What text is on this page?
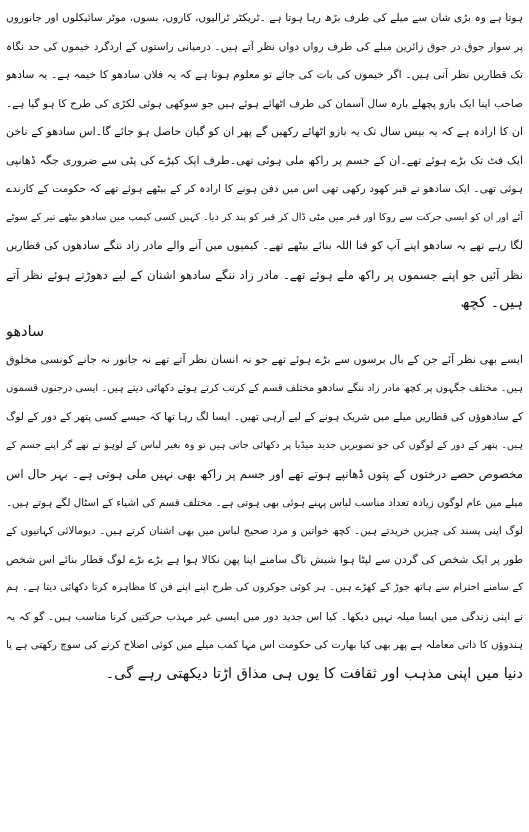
ہوتا ہے وہ بڑی شان سے میلے کی طرف بڑھ رہا ہوتا ہے ۔ٹریکٹر ٹرالیوں، کاروں، بسوں، موٹر سائیکلوں اور جانوروں
پر سوار جوق در جوق زائرین میلے کی طرف رواں دواں نظر آتے ہیں۔ درمیانی راستوں کے اردگرد خیموں کی حد نگاہ
تک قطاریں نظر آتی ہیں۔ اگر خیموں کی بات کی جائے تو معلوم ہوتا ہے کہ یہ فلاں سادھو کا خیمہ ہے۔ یہ سادھو
صاحب اپنا ایک بازو پچھلے بارہ سال آسمان کی طرف اٹھائے ہوئے ہیں جو سوکھی ہوئی لکڑی کی طرح کا ہو گیا ہے۔
ان کا ارادہ ہے کہ یہ بیس سال تک یہ بازو اٹھائے رکھیں گے پھر ان کو گیان حاصل ہو جائے گا۔اس سادھو کے ناخن
ایک فٹ تک بڑے ہوئے تھے۔ان کے جسم پر راکھ ملی ہوئی تھی۔طرف ایک کپڑے کی پٹی سے ضروری جگہ ڈھانپی
ہوئی تھی۔ ایک سادھو نے قبر کھود رکھی تھی اس میں دفن ہونے کا ارادہ کر کے بیٹھے ہوئے تھے کہ حکومت کے کارندے
آئے اور ان کو ایسی حرکت سے روکا اور قبر میں مٹی ڈال کر قبر کو بند کر دیا۔ کہیں کسی کیمپ میں سادھو بیٹھے تیر کے سوٹے
لگا رہے تھے یہ سادھو اپنے آپ کو فنا اللہ بنائے بیٹھے تھے۔ کیمپوں میں آنے والے مادر زاد ننگے سادھوں کی قطاریں
نظر آئیں جو اپنے جسموں پر راکھ ملے ہوئے تھے۔ مادر زاد ننگے سادھو اشنان کے لیے دھوڑتے ہوئے نظر آتے
ہیں۔ کچھ
سادھو
ایسے بھی نظر آئے جن کے بال برسوں سے بڑے ہوئے تھے جو نہ انسان نظر آتے تھے نہ جانور نہ جانے کونسی مخلوق
ہیں۔ مختلف جگہوں پر کچھ مادر زاد ننگے سادھو مختلف قسم کے کرتب کرتے ہوئے دکھائی دیتے ہیں۔ ایسی درجنوں قسموں
کے سادھوؤں کی قطاریں میلے میں شریک ہونے کے لیے آرہی تھیں۔ ایسا لگ رہا تھا کہ جیسے کسی پتھر کے دور کے لوگ
ہیں۔ پتھر کے دور کے لوگوں کی جو تصویریں جدید میڈیا پر دکھائی جاتی ہیں تو وہ بغیر لباس کے لوہو تے تھے گر اپنے جسم کے
مخصوص حصے درختوں کے پتوں ڈھانپے ہوتے تھے اور جسم پر راکھ بھی نہیں ملی ہوتی ہے۔ بہر حال اس
میلے میں عام لوگوں زیادہ تعداد مناسب لباس پہنے ہوئی بھی ہوتی ہے۔ مختلف قسم کی اشیاء کے اسٹال لگے ہوتے ہیں۔
لوگ اپنی پسند کی چیزیں خریدتے ہیں۔ کچھ خواتین و مرد صحیح لباس میں بھی اشنان کرتے ہیں۔ دیومالائی کہانیوں کے
طور پر ایک شخص کی گردن سے لپٹا ہوا شیش ناگ سامنے اپنا پھن نکالا ہوا ہے بڑے بڑے لوگ قطار بنائے اس شخص
کے سامنے احترام سے ہاتھ جوڑ کے کھڑے ہیں۔ ہر کوئی جوکروں کی طرح اپنے اپنے فن کا مظاہرہ کرتا دکھائی دیتا ہے۔ ہم
نے اپنی زندگی میں ایسا میلہ نہیں دیکھا۔ کیا اس جدید دور میں ایسی غیر مہذب حرکتیں کرنا مناسب ہیں۔ گو کہ یہ
ہندوؤں کا ذاتی معاملہ ہے پھر بھی کیا بھارت کی حکومت اس مہا کمب میلے میں کوئی اصلاح کرنے کی سوچ رکھتی ہے یا
دنیا میں اپنی مذہب اور ثقافت کا یوں ہی مذاق اڑتا دیکھتی رہے گی۔
